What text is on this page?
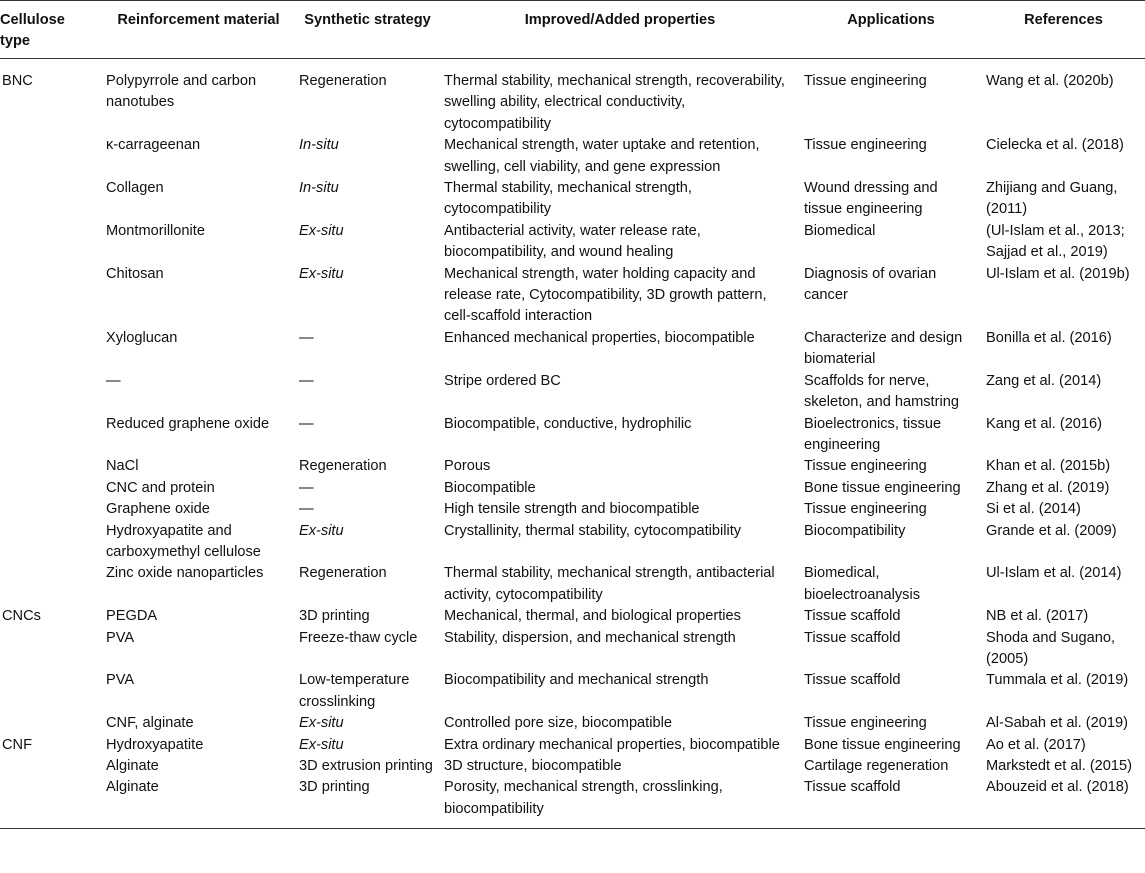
Cellulose type	Reinforcement material	Synthetic strategy	Improved/Added properties	Applications	References
BNC	Polypyrrole and carbon nanotubes	Regeneration	Thermal stability, mechanical strength, recoverability, swelling ability, electrical conductivity, cytocompatibility	Tissue engineering	Wang et al. (2020b)
	κ-carrageenan	In-situ	Mechanical strength, water uptake and retention, swelling, cell viability, and gene expression	Tissue engineering	Cielecka et al. (2018)
	Collagen	In-situ	Thermal stability, mechanical strength, cytocompatibility	Wound dressing and tissue engineering	Zhijiang and Guang, (2011)
	Montmorillonite	Ex-situ	Antibacterial activity, water release rate, biocompatibility, and wound healing	Biomedical	(Ul-Islam et al., 2013; Sajjad et al., 2019)
	Chitosan	Ex-situ	Mechanical strength, water holding capacity and release rate, Cytocompatibility, 3D growth pattern, cell-scaffold interaction	Diagnosis of ovarian cancer	Ul-Islam et al. (2019b)
	Xyloglucan	—	Enhanced mechanical properties, biocompatible	Characterize and design biomaterial	Bonilla et al. (2016)
	—	—	Stripe ordered BC	Scaffolds for nerve, skeleton, and hamstring	Zang et al. (2014)
	Reduced graphene oxide	—	Biocompatible, conductive, hydrophilic	Bioelectronics, tissue engineering	Kang et al. (2016)
	NaCl	Regeneration	Porous	Tissue engineering	Khan et al. (2015b)
	CNC and protein	—	Biocompatible	Bone tissue engineering	Zhang et al. (2019)
	Graphene oxide	—	High tensile strength and biocompatible	Tissue engineering	Si et al. (2014)
	Hydroxyapatite and carboxymethyl cellulose	Ex-situ	Crystallinity, thermal stability, cytocompatibility	Biocompatibility	Grande et al. (2009)
	Zinc oxide nanoparticles	Regeneration	Thermal stability, mechanical strength, antibacterial activity, cytocompatibility	Biomedical, bioelectroanalysis	Ul-Islam et al. (2014)
CNCs	PEGDA	3D printing	Mechanical, thermal, and biological properties	Tissue scaffold	NB et al. (2017)
	PVA	Freeze-thaw cycle	Stability, dispersion, and mechanical strength	Tissue scaffold	Shoda and Sugano, (2005)
	PVA	Low-temperature crosslinking	Biocompatibility and mechanical strength	Tissue scaffold	Tummala et al. (2019)
	CNF, alginate	Ex-situ	Controlled pore size, biocompatible	Tissue engineering	Al-Sabah et al. (2019)
CNF	Hydroxyapatite	Ex-situ	Extra ordinary mechanical properties, biocompatible	Bone tissue engineering	Ao et al. (2017)
	Alginate	3D extrusion printing	3D structure, biocompatible	Cartilage regeneration	Markstedt et al. (2015)
	Alginate	3D printing	Porosity, mechanical strength, crosslinking, biocompatibility	Tissue scaffold	Abouzeid et al. (2018)
